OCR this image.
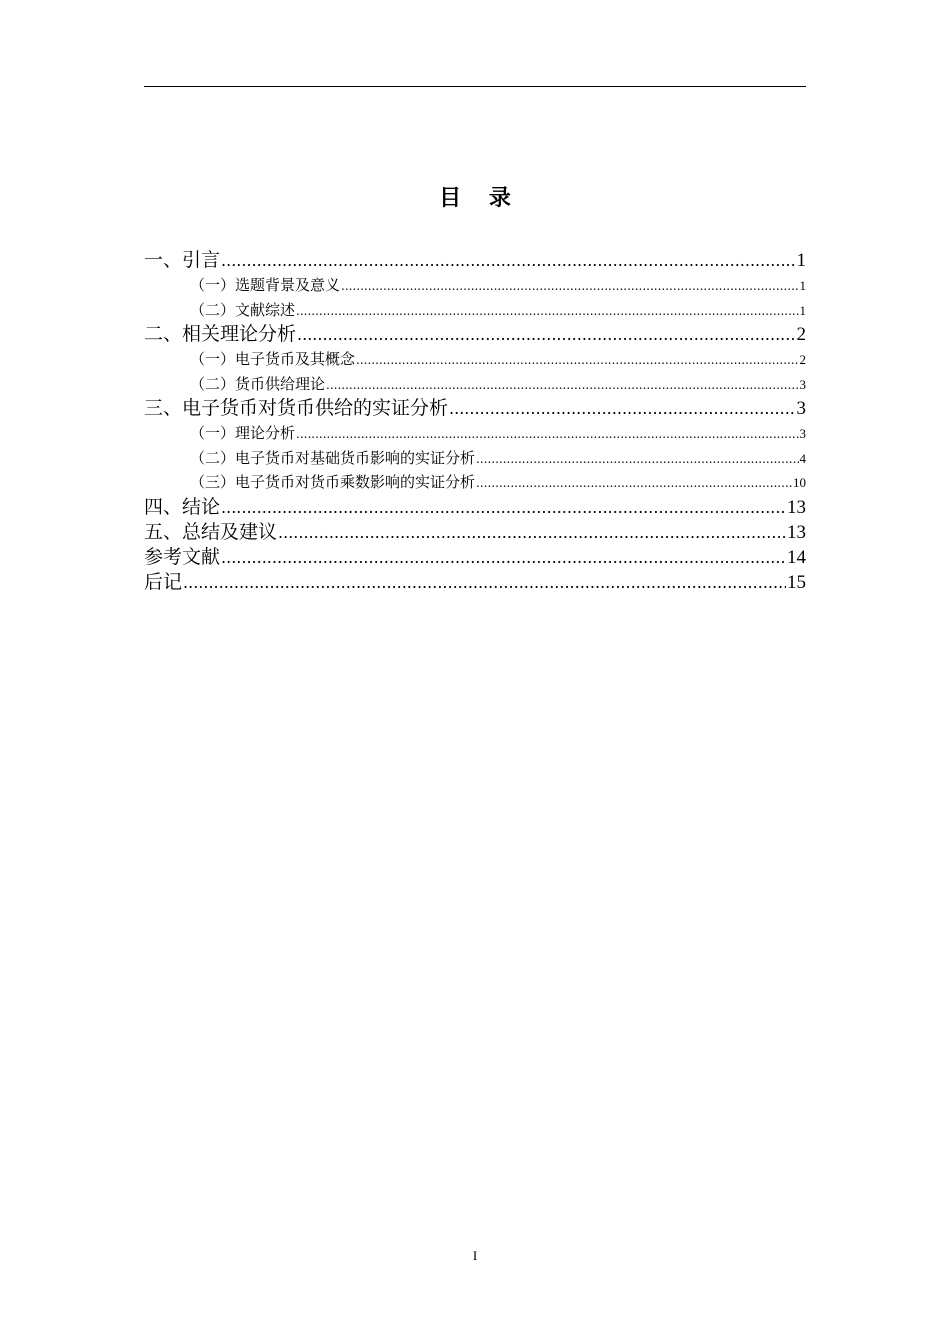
目 录
一、引言 .....	1
（一）选题背景及意义 .....	1
（二）文献综述 .....	1
二、相关理论分析 .....	2
（一）电子货币及其概念 .....	2
（二）货币供给理论 .....	3
三、电子货币对货币供给的实证分析 .....	3
（一）理论分析 .....	3
（二）电子货币对基础货币影响的实证分析 .....	4
（三）电子货币对货币乘数影响的实证分析 .....	10
四、结论 .....	13
五、总结及建议 .....	13
参考文献 .....	14
后记 .....	15
I
